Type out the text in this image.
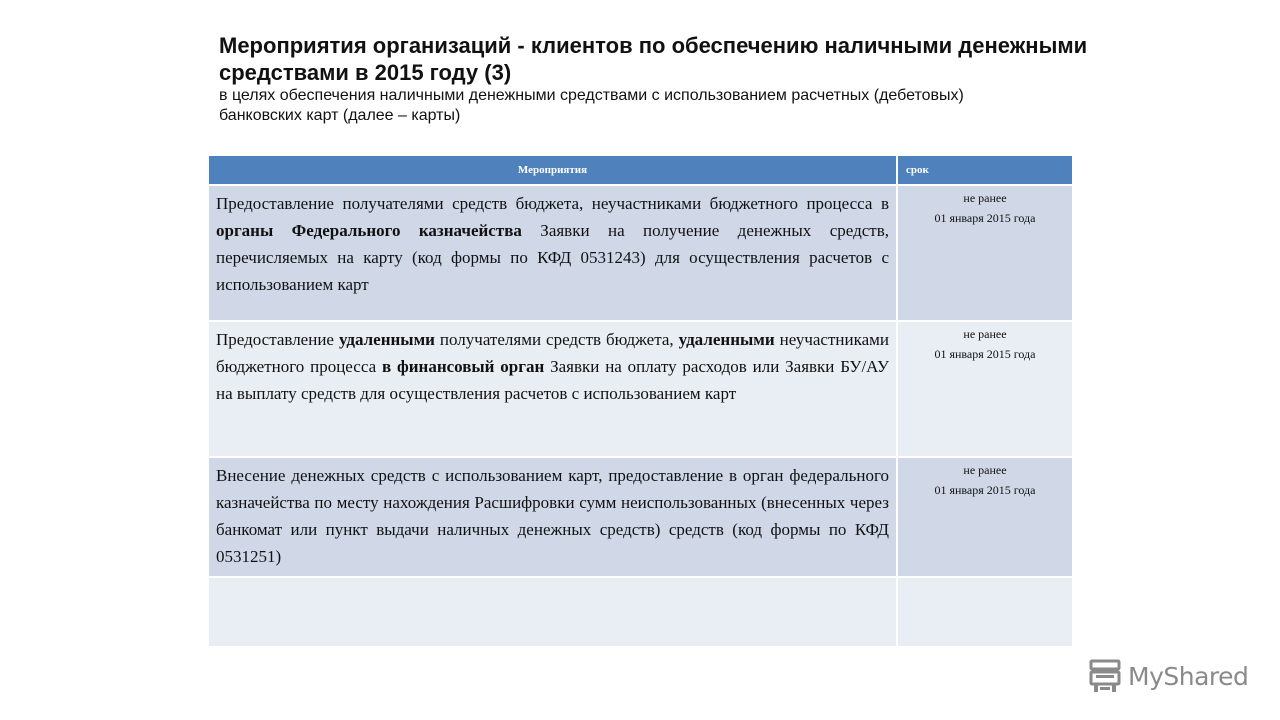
Мероприятия организаций - клиентов по обеспечению наличными денежными средствами в 2015 году (3)
в целях обеспечения наличными денежными средствами с использованием расчетных (дебетовых) банковских карт (далее – карты)
Мероприятия	срок
Предоставление получателями средств бюджета, неучастниками бюджетного процесса в органы Федерального казначейства Заявки на получение денежных средств, перечисляемых на карту (код формы по КФД 0531243) для осуществления расчетов с использованием карт	не ранее
01 января 2015 года

Предоставление удаленными получателями средств бюджета, удаленными неучастниками бюджетного процесса в финансовый орган Заявки на оплату расходов или Заявки БУ/АУ на выплату средств для осуществления расчетов с использованием карт	не ранее
01 января 2015 года

Внесение денежных средств с использованием карт, предоставление в орган федерального казначейства по месту нахождения Расшифровки сумм неиспользованных (внесенных через банкомат или пункт выдачи наличных денежных средств) средств (код формы по КФД 0531251)	не ранее
01 января 2015 года

MyShared
